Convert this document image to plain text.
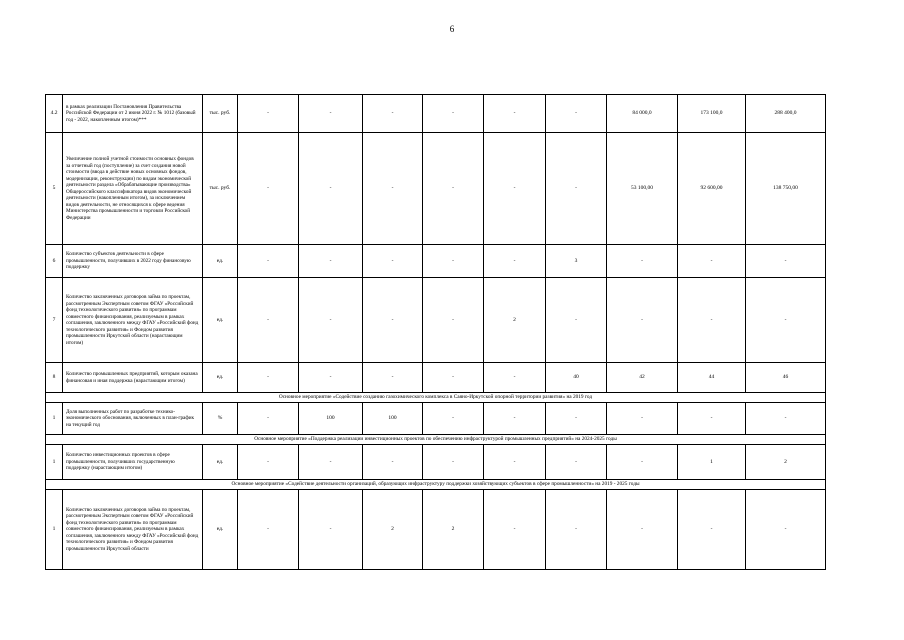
6
4.2	в рамках реализации Постановления Правительства Российской Федерации от 2 июня 2022 г. № 1012 (базовый год - 2022, накопленным итогом)***	тыс. руб.	-	-	-	-	-	-	84 000,0	173 100,0	288 400,0
5	Увеличение полной учетной стоимости основных фондов за отчетный год (поступление) за счет создания новой стоимости (ввода в действие новых основных фондов, модернизации, реконструкции) по видам экономической деятельности раздела «Обрабатывающие производства» Общероссийского классификатора видов экономической деятельности (накопленным итогом), за исключением видов деятельности, не относящихся к сфере ведения Министерства промышленности и торговли Российской Федерации	тыс. руб.	-	-	-	-	-	-	53 100,00	92 600,00	138 750,00
6	Количество субъектов деятельности в сфере промышленности, получивших в 2022 году финансовую поддержку	ед.	-	-	-	-	-	3	-	-	-
7	Количество заключенных договоров займа по проектам, рассмотренным Экспертным советом ФГАУ «Российский фонд технологического развития» по программам совместного финансирования, реализуемым в рамках соглашения, заключенного между ФГАУ «Российский фонд технологического развития» и Фондом развития промышленности Иркутской области (нарастающим итогом)	ед.	-	-	-	-	2	-	-	-	-
8	Количество промышленных предприятий, которым оказана финансовая и иная поддержка (нарастающим итогом)	ед.	-	-	-	-	-	40	42	44	46
Основное мероприятие «Содействие созданию газохимического комплекса в Саяно-Иркутской опорной территории развития» на 2019 год											
1	Доля выполненных работ по разработке технико-экономического обоснования, включенных в план-график на текущий год	%	-	100	100	-	-	-	-	-	-
Основное мероприятие «Поддержка реализации инвестиционных проектов по обеспечению инфраструктурой промышленных предприятий» на 2024-2025 годы											
1	Количество инвестиционных проектов в сфере промышленности, получивших государственную поддержку (нарастающим итогом)	ед.	-	-	-	-	-	-	-	1	2
Основное мероприятие «Содействие деятельности организаций, образующих инфраструктуру поддержки хозяйствующих субъектов в сфере промышленности» на 2019 - 2025 годы											
1	Количество заключенных договоров займа по проектам, рассмотренным Экспертным советом ФГАУ «Российский фонд технологического развития» по программам совместного финансирования, реализуемым в рамках соглашения, заключенного между ФГАУ «Российский фонд технологического развития» и Фондом развития промышленности Иркутской области	ед.	-	-	2	2	-	-	-	-	-
